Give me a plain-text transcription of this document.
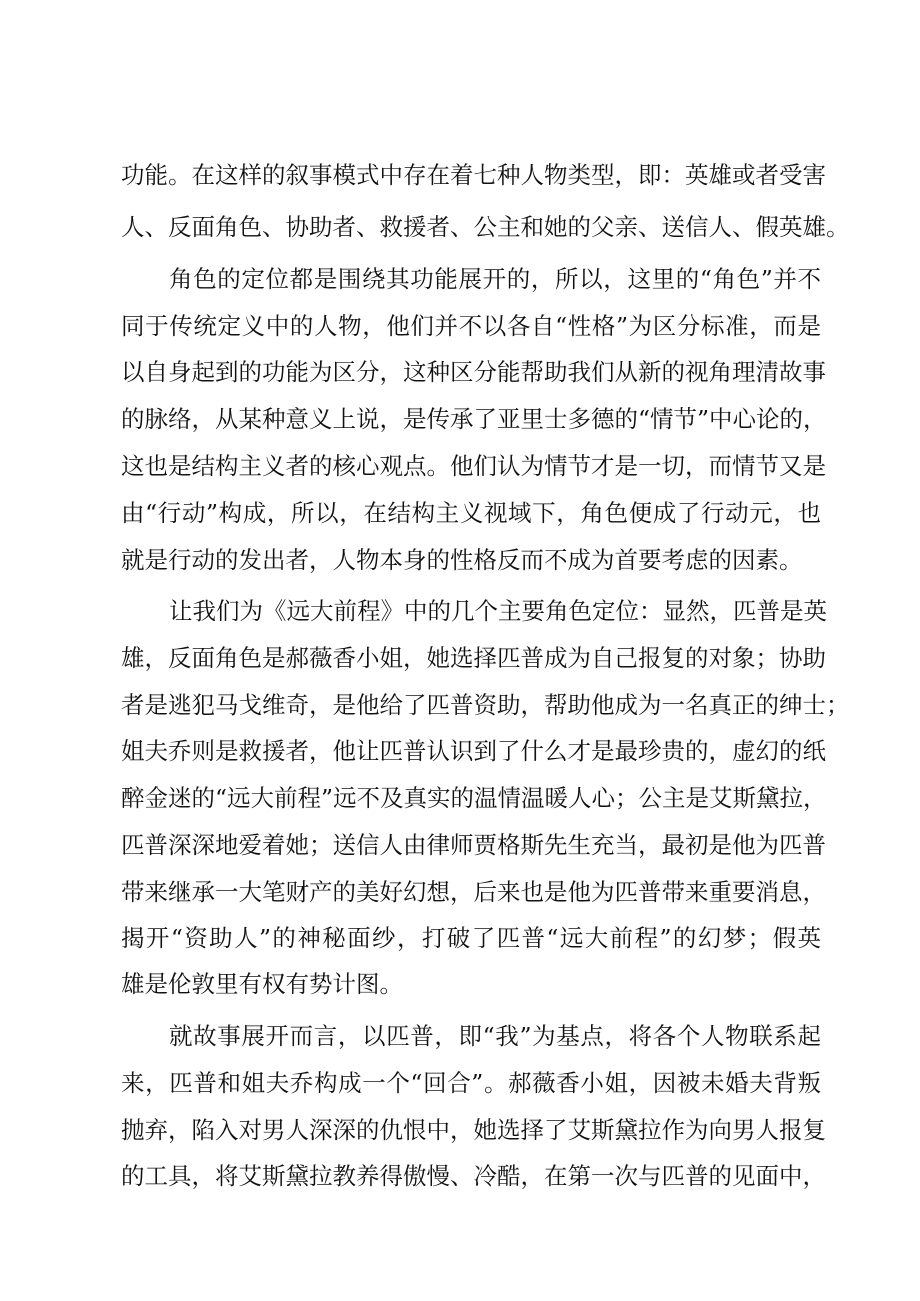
功能。在这样的叙事模式中存在着七种人物类型，即：英雄或者受害

人、反面角色、协助者、救援者、公主和她的父亲、送信人、假英雄。

角色的定位都是围绕其功能展开的，所以，这里的“角色”并不

同于传统定义中的人物，他们并不以各自“性格”为区分标准，而是

以自身起到的功能为区分，这种区分能帮助我们从新的视角理清故事

的脉络，从某种意义上说，是传承了亚里士多德的“情节”中心论的，

这也是结构主义者的核心观点。他们认为情节才是一切，而情节又是

由“行动”构成，所以，在结构主义视域下，角色便成了行动元，也

就是行动的发出者，人物本身的性格反而不成为首要考虑的因素。

让我们为《远大前程》中的几个主要角色定位：显然，匹普是英

雄，反面角色是郝薇香小姐，她选择匹普成为自己报复的对象；协助

者是逃犯马戈维奇，是他给了匹普资助，帮助他成为一名真正的绅士；

姐夫乔则是救援者，他让匹普认识到了什么才是最珍贵的，虚幻的纸

醉金迷的“远大前程”远不及真实的温情温暖人心；公主是艾斯黛拉，

匹普深深地爱着她；送信人由律师贾格斯先生充当，最初是他为匹普

带来继承一大笔财产的美好幻想，后来也是他为匹普带来重要消息，

揭开“资助人”的神秘面纱，打破了匹普“远大前程”的幻梦；假英

雄是伦敦里有权有势计图。

就故事展开而言，以匹普，即“我”为基点，将各个人物联系起

来，匹普和姐夫乔构成一个“回合”。郝薇香小姐，因被未婚夫背叛

抛弃，陷入对男人深深的仇恨中，她选择了艾斯黛拉作为向男人报复

的工具，将艾斯黛拉教养得傲慢、冷酷，在第一次与匹普的见面中，
